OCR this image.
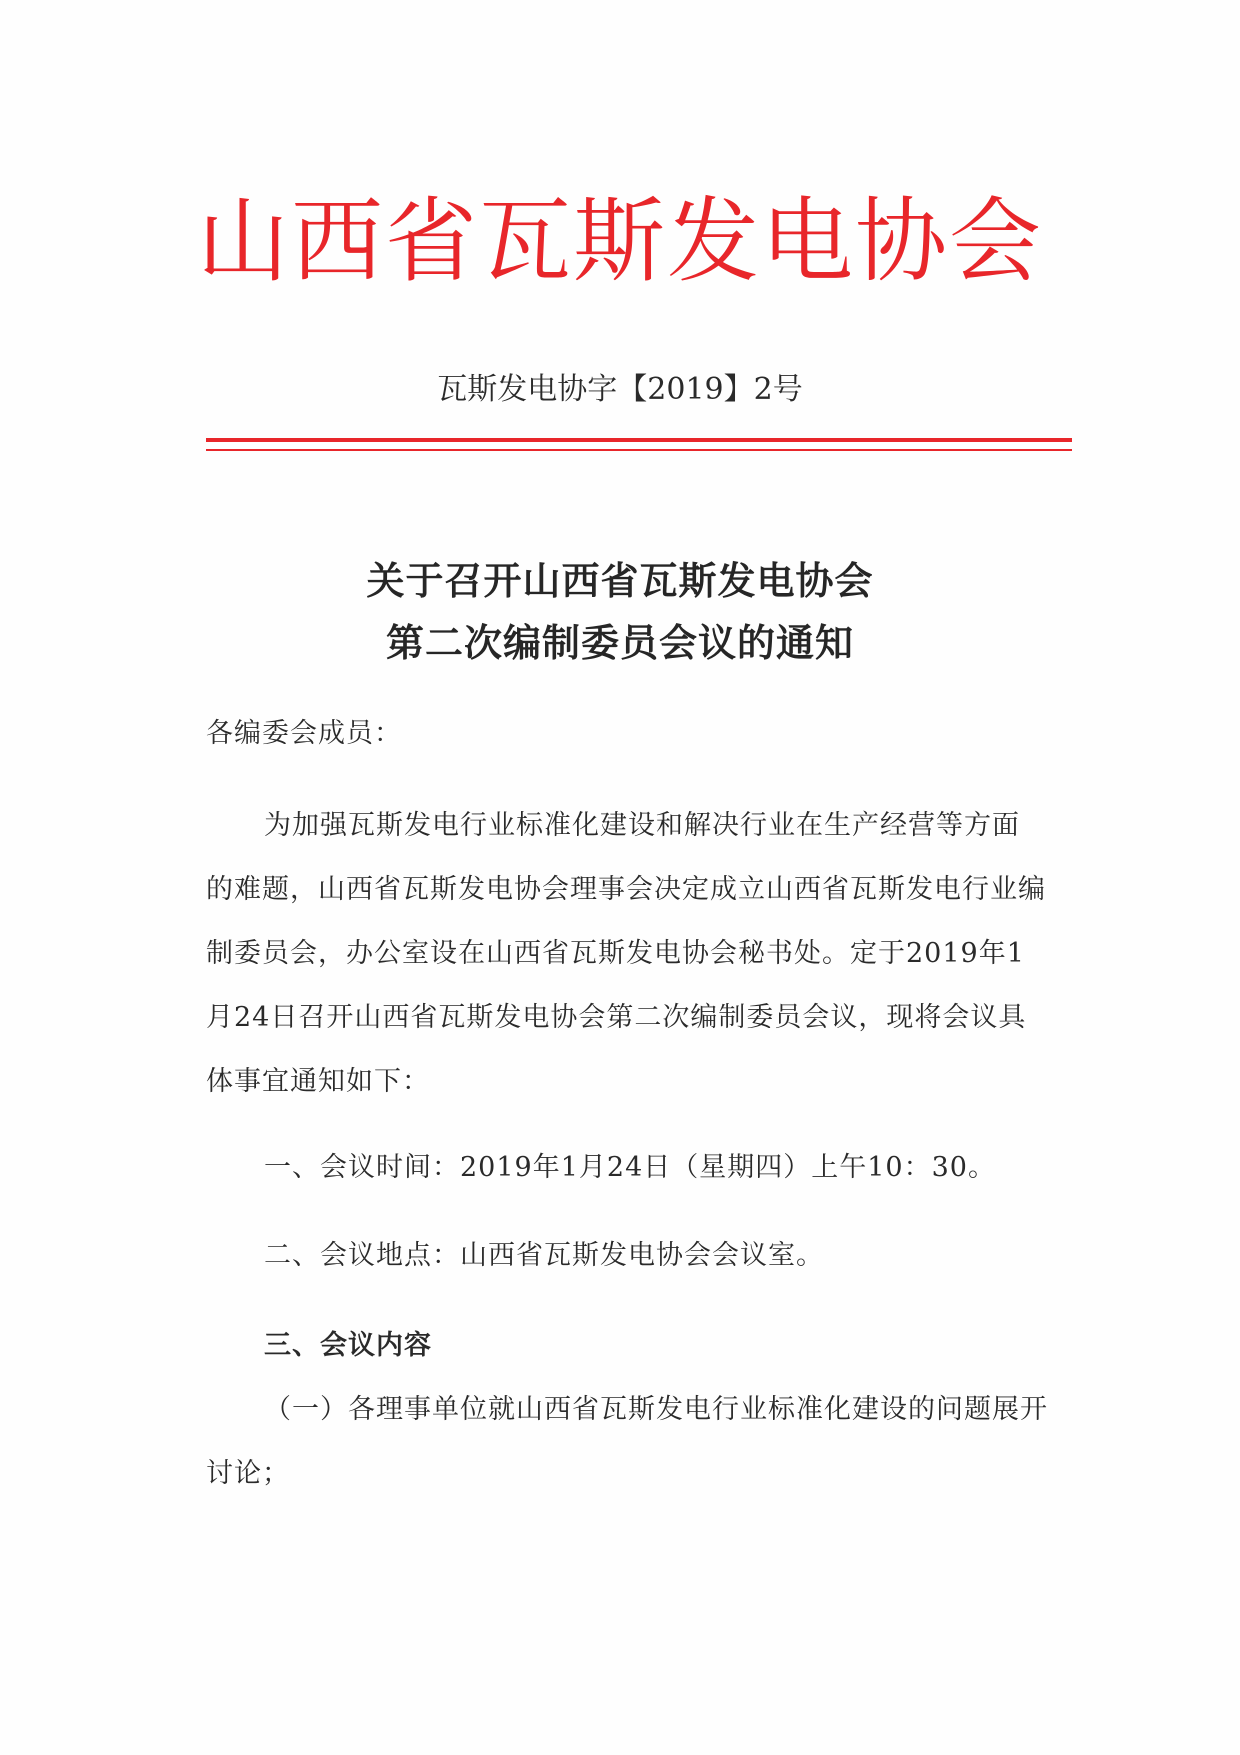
山西省瓦斯发电协会
瓦斯发电协字【2019】2号
关于召开山西省瓦斯发电协会
第二次编制委员会议的通知
各编委会成员：
为加强瓦斯发电行业标准化建设和解决行业在生产经营等方面
的难题，山西省瓦斯发电协会理事会决定成立山西省瓦斯发电行业编
制委员会，办公室设在山西省瓦斯发电协会秘书处。定于2019年1
月24日召开山西省瓦斯发电协会第二次编制委员会议，现将会议具
体事宜通知如下：
一、会议时间：2019年1月24日（星期四）上午10：30。
二、会议地点：山西省瓦斯发电协会会议室。
三、会议内容
（一）各理事单位就山西省瓦斯发电行业标准化建设的问题展开
讨论；
